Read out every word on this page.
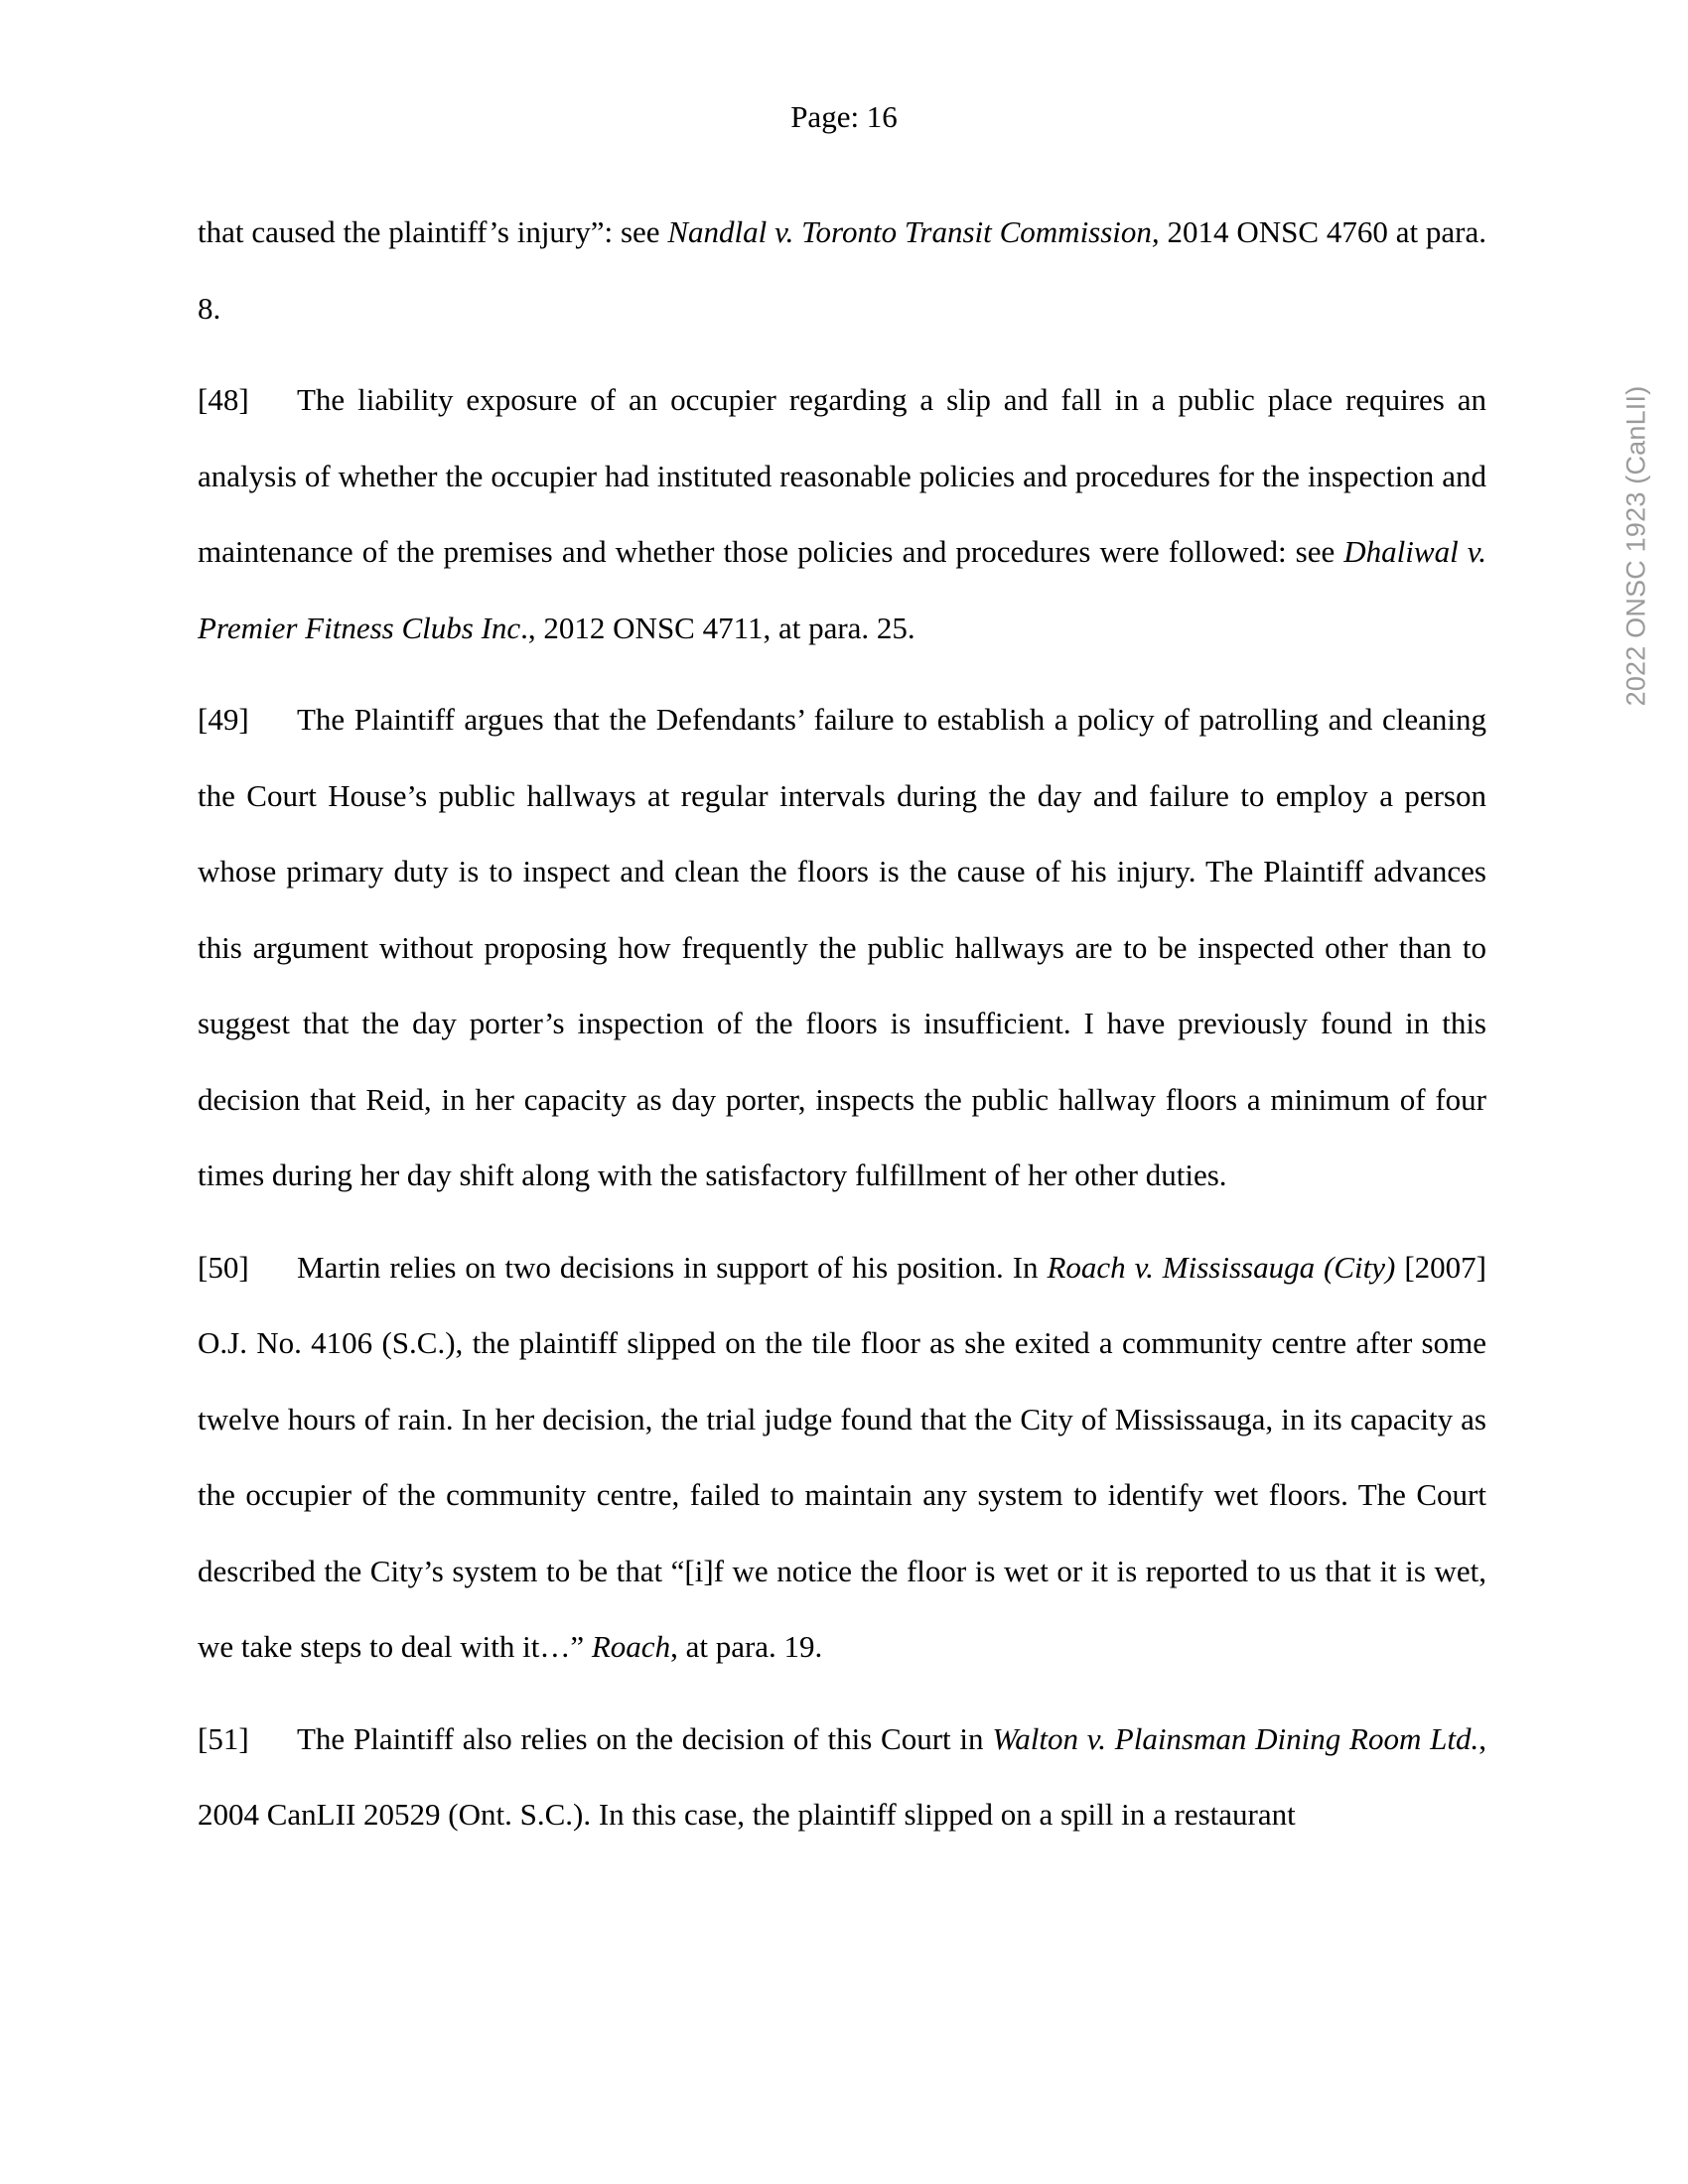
Page: 16
2022 ONSC 1923 (CanLII)

that caused the plaintiff’s injury”: see Nandlal v. Toronto Transit Commission, 2014 ONSC 4760 at para. 8.

[48] The liability exposure of an occupier regarding a slip and fall in a public place requires an analysis of whether the occupier had instituted reasonable policies and procedures for the inspection and maintenance of the premises and whether those policies and procedures were followed: see Dhaliwal v. Premier Fitness Clubs Inc., 2012 ONSC 4711, at para. 25.

[49] The Plaintiff argues that the Defendants’ failure to establish a policy of patrolling and cleaning the Court House’s public hallways at regular intervals during the day and failure to employ a person whose primary duty is to inspect and clean the floors is the cause of his injury. The Plaintiff advances this argument without proposing how frequently the public hallways are to be inspected other than to suggest that the day porter’s inspection of the floors is insufficient. I have previously found in this decision that Reid, in her capacity as day porter, inspects the public hallway floors a minimum of four times during her day shift along with the satisfactory fulfillment of her other duties.

[50] Martin relies on two decisions in support of his position. In Roach v. Mississauga (City) [2007] O.J. No. 4106 (S.C.), the plaintiff slipped on the tile floor as she exited a community centre after some twelve hours of rain. In her decision, the trial judge found that the City of Mississauga, in its capacity as the occupier of the community centre, failed to maintain any system to identify wet floors. The Court described the City’s system to be that “[i]f we notice the floor is wet or it is reported to us that it is wet, we take steps to deal with it…” Roach, at para. 19.

[51] The Plaintiff also relies on the decision of this Court in Walton v. Plainsman Dining Room Ltd., 2004 CanLII 20529 (Ont. S.C.). In this case, the plaintiff slipped on a spill in a restaurant
